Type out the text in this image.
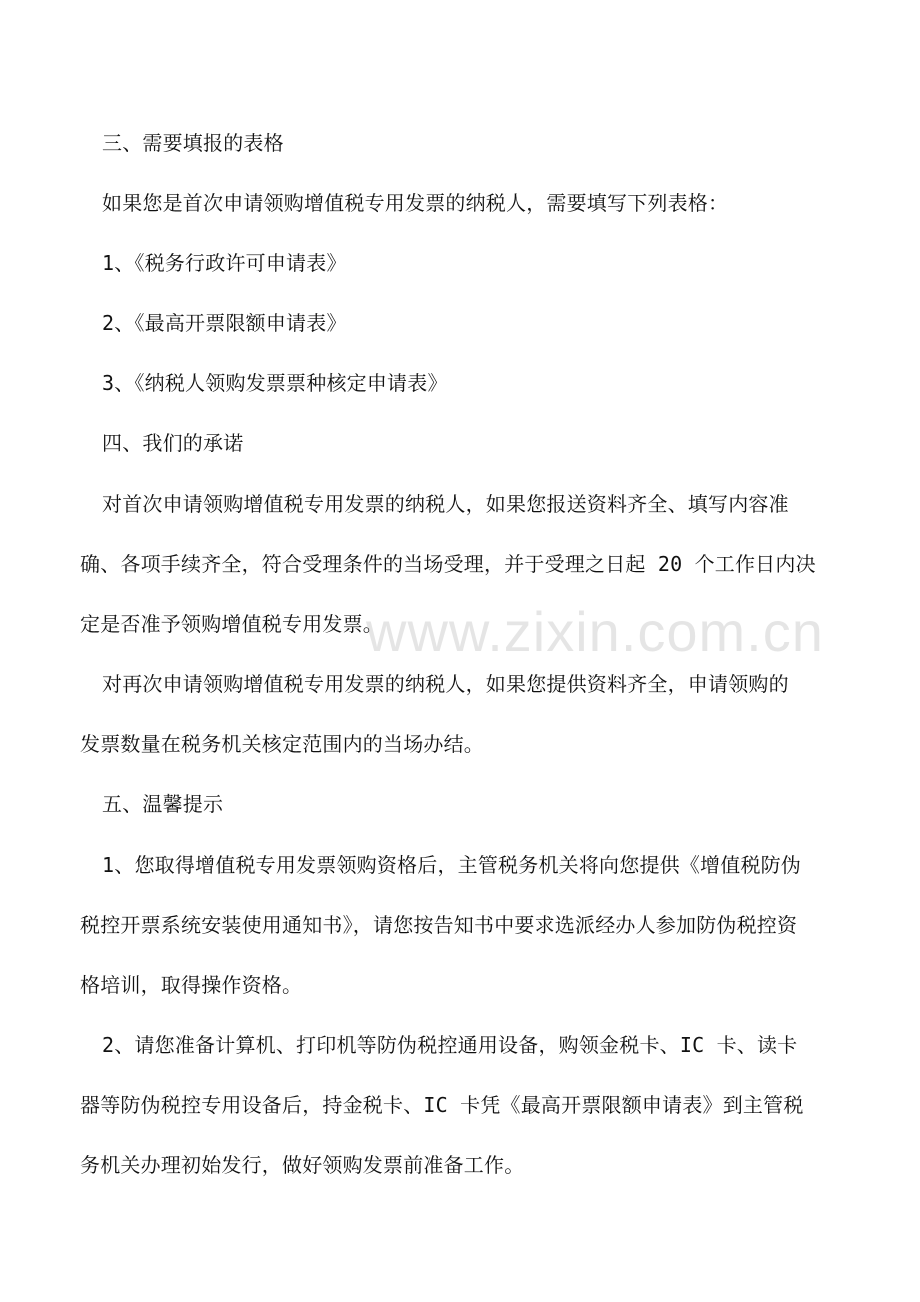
www.zixin.com.cn
三、需要填报的表格
如果您是首次申请领购增值税专用发票的纳税人，需要填写下列表格：
1、《税务行政许可申请表》
2、《最高开票限额申请表》
3、《纳税人领购发票票种核定申请表》
四、我们的承诺
对首次申请领购增值税专用发票的纳税人，如果您报送资料齐全、填写内容准
确、各项手续齐全，符合受理条件的当场受理，并于受理之日起 20 个工作日内决
定是否准予领购增值税专用发票。
对再次申请领购增值税专用发票的纳税人，如果您提供资料齐全，申请领购的
发票数量在税务机关核定范围内的当场办结。
五、温馨提示
1、您取得增值税专用发票领购资格后，主管税务机关将向您提供《增值税防伪
税控开票系统安装使用通知书》，请您按告知书中要求选派经办人参加防伪税控资
格培训，取得操作资格。
2、请您准备计算机、打印机等防伪税控通用设备，购领金税卡、IC 卡、读卡
器等防伪税控专用设备后，持金税卡、IC 卡凭《最高开票限额申请表》到主管税
务机关办理初始发行，做好领购发票前准备工作。
